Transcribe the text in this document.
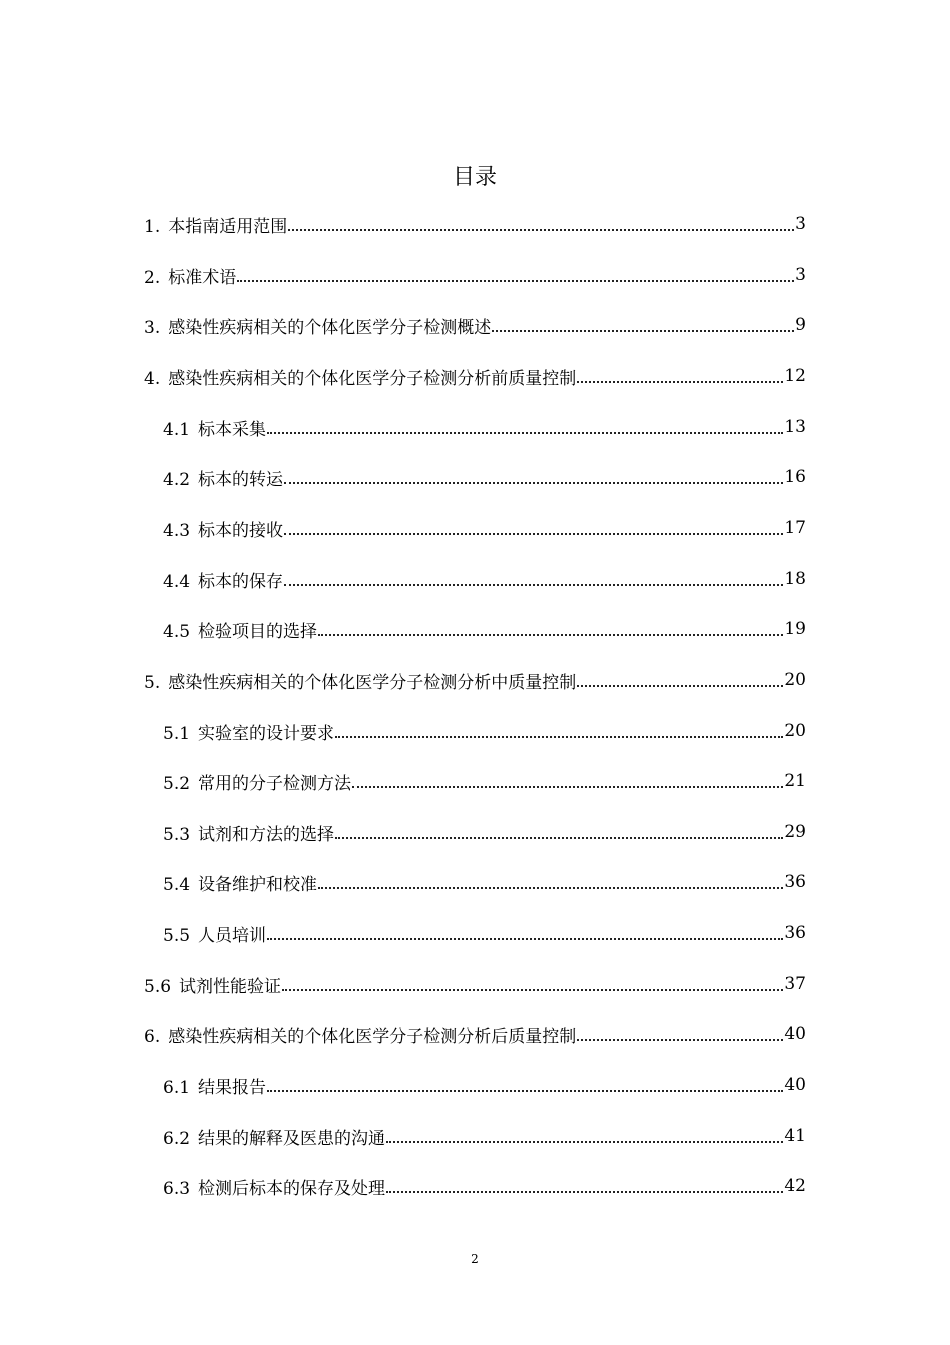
目录
1. 本指南适用范围	3
2. 标准术语	3
3. 感染性疾病相关的个体化医学分子检测概述	9
4. 感染性疾病相关的个体化医学分子检测分析前质量控制	12
4.1 标本采集	13
4.2 标本的转运	16
4.3 标本的接收	17
4.4 标本的保存	18
4.5 检验项目的选择	19
5. 感染性疾病相关的个体化医学分子检测分析中质量控制	20
5.1 实验室的设计要求	20
5.2 常用的分子检测方法	21
5.3 试剂和方法的选择	29
5.4 设备维护和校准	36
5.5 人员培训	36
5.6 试剂性能验证	37
6. 感染性疾病相关的个体化医学分子检测分析后质量控制	40
6.1 结果报告	40
6.2 结果的解释及医患的沟通	41
6.3 检测后标本的保存及处理	42
2
